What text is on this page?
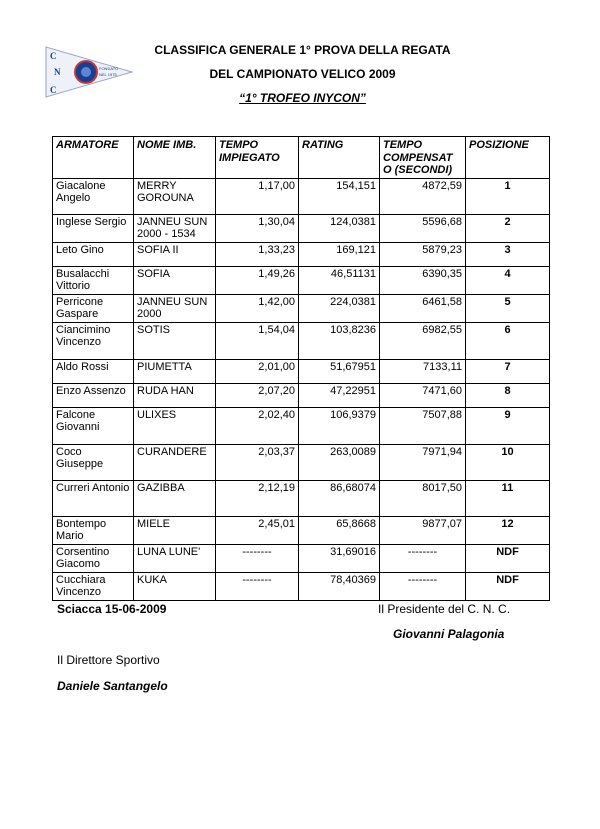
C
N
C
FONDATO
NEL 1975
CLASSIFICA GENERALE 1° PROVA DELLA REGATA
DEL CAMPIONATO VELICO 2009
“1° TROFEO INYCON”
ARMATORE	NOME IMB.	TEMPO IMPIEGATO	RATING	TEMPO COMPENSAT O (SECONDI)	POSIZIONE
Giacalone Angelo	MERRY GOROUNA	1,17,00	154,151	4872,59	1
Inglese Sergio	JANNEU SUN 2000 - 1534	1,30,04	124,0381	5596,68	2
Leto Gino	SOFIA II	1,33,23	169,121	5879,23	3
Busalacchi Vittorio	SOFIA	1,49,26	46,51131	6390,35	4
Perricone Gaspare	JANNEU SUN 2000	1,42,00	224,0381	6461,58	5
Ciancimino Vincenzo	SOTIS	1,54,04	103,8236	6982,55	6
Aldo Rossi	PIUMETTA	2,01,00	51,67951	7133,11	7
Enzo Assenzo	RUDA HAN	2,07,20	47,22951	7471,60	8
Falcone Giovanni	ULIXES	2,02,40	106,9379	7507,88	9
Coco Giuseppe	CURANDERE	2,03,37	263,0089	7971,94	10
Curreri Antonio	GAZIBBA	2,12,19	86,68074	8017,50	11
Bontempo Mario	MIELE	2,45,01	65,8668	9877,07	12
Corsentino Giacomo	LUNA LUNE'	--------	31,69016	--------	NDF
Cucchiara Vincenzo	KUKA	--------	78,40369	--------	NDF
Sciacca 15-06-2009	Il Presidente del C. N. C.
Giovanni Palagonia
Il Direttore Sportivo
Daniele Santangelo
